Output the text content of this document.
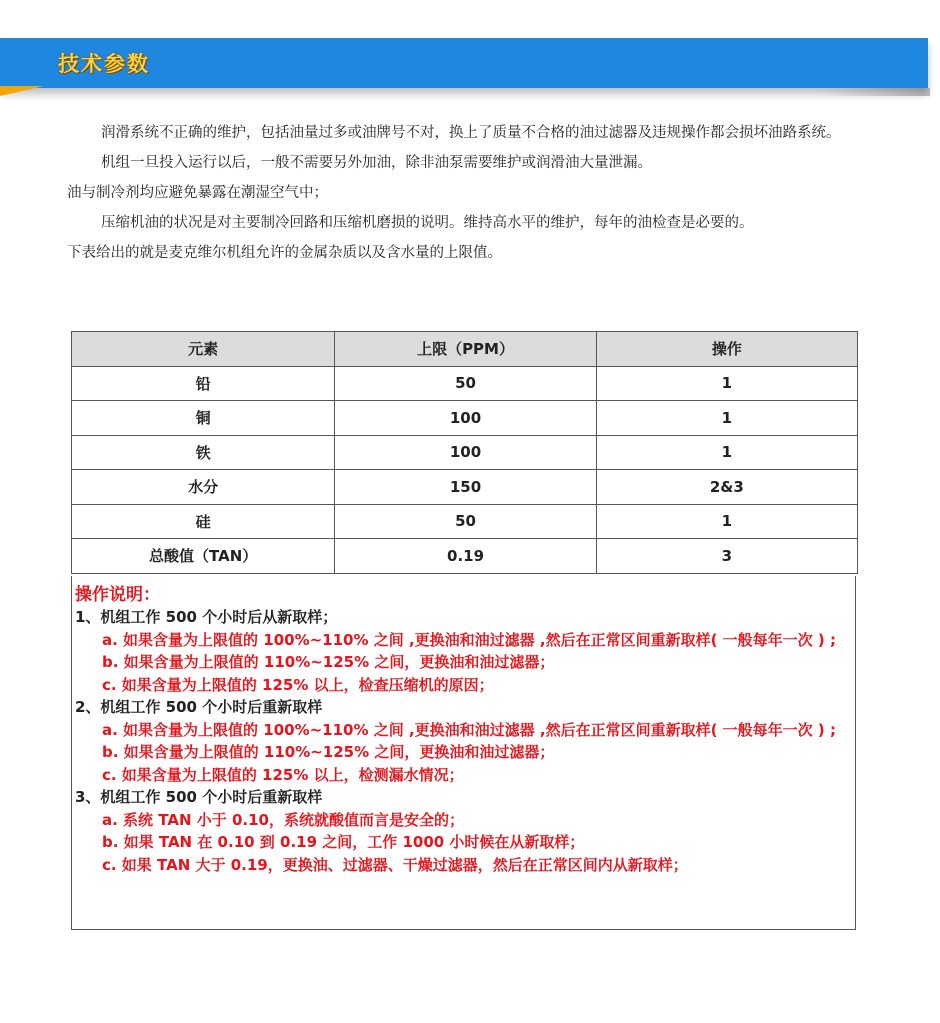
技术参数

润滑系统不正确的维护，包括油量过多或油牌号不对，换上了质量不合格的油过滤器及违规操作都会损坏油路系统。

机组一旦投入运行以后，一般不需要另外加油，除非油泵需要维护或润滑油大量泄漏。

油与制冷剂均应避免暴露在潮湿空气中；

压缩机油的状况是对主要制冷回路和压缩机磨损的说明。维持高水平的维护，每年的油检查是必要的。

下表给出的就是麦克维尔机组允许的金属杂质以及含水量的上限值。

元素	上限（PPM）	操作
铅	50	1
铜	100	1
铁	100	1
水分	150	2&3
硅	50	1
总酸值（TAN）	0.19	3
操作说明：
1、机组工作 500 个小时后从新取样；
a. 如果含量为上限值的 100%~110% 之间 ,更换油和油过滤器 ,然后在正常区间重新取样( 一般每年一次 ) ;
b. 如果含量为上限值的 110%~125% 之间，更换油和油过滤器；
c. 如果含量为上限值的 125% 以上，检查压缩机的原因；
2、机组工作 500 个小时后重新取样
a. 如果含量为上限值的 100%~110% 之间 ,更换油和油过滤器 ,然后在正常区间重新取样( 一般每年一次 ) ;
b. 如果含量为上限值的 110%~125% 之间，更换油和油过滤器；
c. 如果含量为上限值的 125% 以上，检测漏水情况；
3、机组工作 500 个小时后重新取样
a. 系统 TAN 小于 0.10，系统就酸值而言是安全的；
b. 如果 TAN 在 0.10 到 0.19 之间，工作 1000 小时候在从新取样；
c. 如果 TAN 大于 0.19，更换油、过滤器、干燥过滤器，然后在正常区间内从新取样；
